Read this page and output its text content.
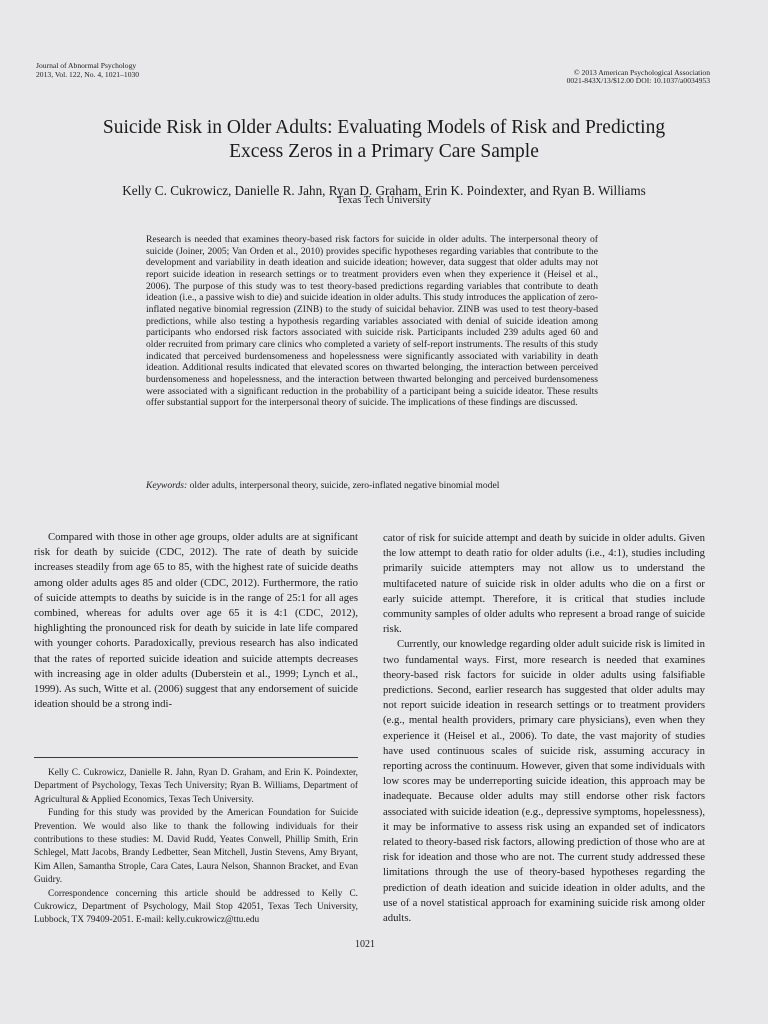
Journal of Abnormal Psychology
2013, Vol. 122, No. 4, 1021–1030	© 2013 American Psychological Association
0021-843X/13/$12.00 DOI: 10.1037/a0034953
Suicide Risk in Older Adults: Evaluating Models of Risk and Predicting
Excess Zeros in a Primary Care Sample
Kelly C. Cukrowicz, Danielle R. Jahn, Ryan D. Graham, Erin K. Poindexter, and Ryan B. Williams
Texas Tech University

Research is needed that examines theory-based risk factors for suicide in older adults. The interpersonal theory of suicide (Joiner, 2005; Van Orden et al., 2010) provides specific hypotheses regarding variables that contribute to the development and variability in death ideation and suicide ideation; however, data suggest that older adults may not report suicide ideation in research settings or to treatment providers even when they experience it (Heisel et al., 2006). The purpose of this study was to test theory-based predictions regarding variables that contribute to death ideation (i.e., a passive wish to die) and suicide ideation in older adults. This study introduces the application of zero-inflated negative binomial regression (ZINB) to the study of suicidal behavior. ZINB was used to test theory-based predictions, while also testing a hypothesis regarding variables associated with denial of suicide ideation among participants who endorsed risk factors associated with suicide risk. Participants included 239 adults aged 60 and older recruited from primary care clinics who completed a variety of self-report instruments. The results of this study indicated that perceived burdensomeness and hopelessness were significantly associated with variability in death ideation. Additional results indicated that elevated scores on thwarted belonging, the interaction between perceived burdensomeness and hopelessness, and the interaction between thwarted belonging and perceived burdensomeness were associated with a significant reduction in the probability of a participant being a suicide ideator. These results offer substantial support for the interpersonal theory of suicide. The implications of these findings are discussed.

Keywords: older adults, interpersonal theory, suicide, zero-inflated negative binomial model

Compared with those in other age groups, older adults are at significant risk for death by suicide (CDC, 2012). The rate of death by suicide increases steadily from age 65 to 85, with the highest rate of suicide deaths among older adults ages 85 and older (CDC, 2012). Furthermore, the ratio of suicide attempts to deaths by suicide is in the range of 25:1 for all ages combined, whereas for adults over age 65 it is 4:1 (CDC, 2012), highlighting the pronounced risk for death by suicide in late life compared with younger cohorts. Paradoxically, previous research has also indicated that the rates of reported suicide ideation and suicide attempts decreases with increasing age in older adults (Duberstein et al., 1999; Lynch et al., 1999). As such, Witte et al. (2006) suggest that any endorsement of suicide ideation should be a strong indi-

Kelly C. Cukrowicz, Danielle R. Jahn, Ryan D. Graham, and Erin K. Poindexter, Department of Psychology, Texas Tech University; Ryan B. Williams, Department of Agricultural & Applied Economics, Texas Tech University.

Funding for this study was provided by the American Foundation for Suicide Prevention. We would also like to thank the following individuals for their contributions to these studies: M. David Rudd, Yeates Conwell, Phillip Smith, Erin Schlegel, Matt Jacobs, Brandy Ledbetter, Sean Mitchell, Justin Stevens, Amy Bryant, Kim Allen, Samantha Strople, Cara Cates, Laura Nelson, Shannon Bracket, and Evan Guidry.

Correspondence concerning this article should be addressed to Kelly C. Cukrowicz, Department of Psychology, Mail Stop 42051, Texas Tech University, Lubbock, TX 79409-2051. E-mail: kelly.cukrowicz@ttu.edu

cator of risk for suicide attempt and death by suicide in older adults. Given the low attempt to death ratio for older adults (i.e., 4:1), studies including primarily suicide attempters may not allow us to understand the multifaceted nature of suicide risk in older adults who die on a first or early suicide attempt. Therefore, it is critical that studies include community samples of older adults who represent a broad range of suicide risk.

Currently, our knowledge regarding older adult suicide risk is limited in two fundamental ways. First, more research is needed that examines theory-based risk factors for suicide in older adults using falsifiable predictions. Second, earlier research has suggested that older adults may not report suicide ideation in research settings or to treatment providers (e.g., mental health providers, primary care physicians), even when they experience it (Heisel et al., 2006). To date, the vast majority of studies have used continuous scales of suicide risk, assuming accuracy in reporting across the continuum. However, given that some individuals with low scores may be underreporting suicide ideation, this approach may be inadequate. Because older adults may still endorse other risk factors associated with suicide ideation (e.g., depressive symptoms, hopelessness), it may be informative to assess risk using an expanded set of indicators related to theory-based risk factors, allowing prediction of those who are at risk for ideation and those who are not. The current study addressed these limitations through the use of theory-based hypotheses regarding the prediction of death ideation and suicide ideation in older adults, and the use of a novel statistical approach for examining suicide risk among older adults.

1021
